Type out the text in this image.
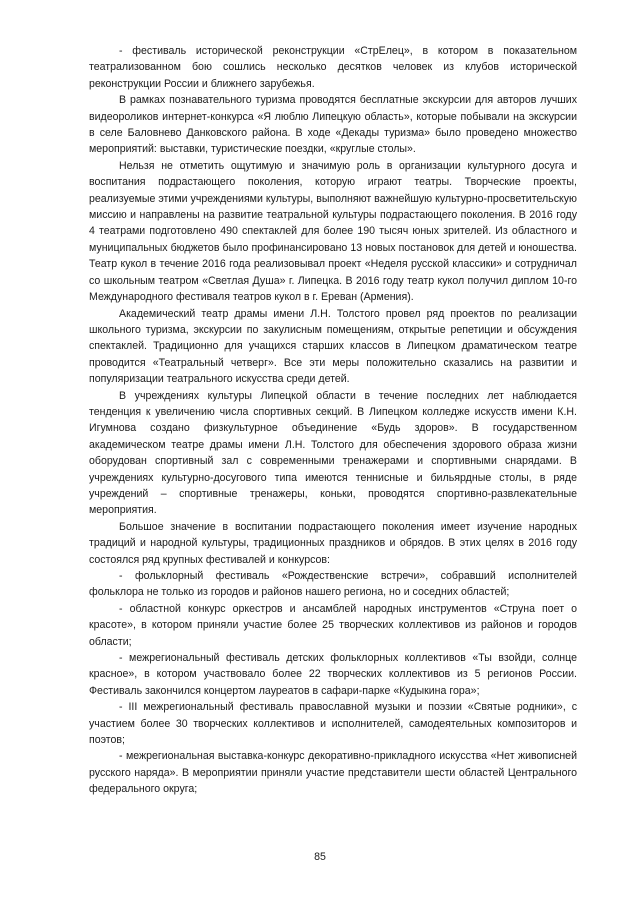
- фестиваль исторической реконструкции «СтрЕлец», в котором в показательном театрализованном бою сошлись несколько десятков человек из клубов исторической реконструкции России и ближнего зарубежья.

В рамках познавательного туризма проводятся бесплатные экскурсии для авторов лучших видеороликов интернет-конкурса «Я люблю Липецкую область», которые побывали на экскурсии в селе Баловнево Данковского района. В ходе «Декады туризма» было проведено множество мероприятий: выставки, туристические поездки, «круглые столы».

Нельзя не отметить ощутимую и значимую роль в организации культурного досуга и воспитания подрастающего поколения, которую играют театры. Творческие проекты, реализуемые этими учреждениями культуры, выполняют важнейшую культурно-просветительскую миссию и направлены на развитие театральной культуры подрастающего поколения. В 2016 году 4 театрами подготовлено 490 спектаклей для более 190 тысяч юных зрителей. Из областного и муниципальных бюджетов было профинансировано 13 новых постановок для детей и юношества. Театр кукол в течение 2016 года реализовывал проект «Неделя русской классики» и сотрудничал со школьным театром «Светлая Душа» г. Липецка. В 2016 году театр кукол получил диплом 10-го Международного фестиваля театров кукол в г. Ереван (Армения).

Академический театр драмы имени Л.Н. Толстого провел ряд проектов по реализации школьного туризма, экскурсии по закулисным помещениям, открытые репетиции и обсуждения спектаклей. Традиционно для учащихся старших классов в Липецком драматическом театре проводится «Театральный четверг». Все эти меры положительно сказались на развитии и популяризации театрального искусства среди детей.

В учреждениях культуры Липецкой области в течение последних лет наблюдается тенденция к увеличению числа спортивных секций. В Липецком колледже искусств имени К.Н. Игумнова создано физкультурное объединение «Будь здоров». В государственном академическом театре драмы имени Л.Н. Толстого для обеспечения здорового образа жизни оборудован спортивный зал с современными тренажерами и спортивными снарядами. В учреждениях культурно-досугового типа имеются теннисные и бильярдные столы, в ряде учреждений – спортивные тренажеры, коньки, проводятся спортивно-развлекательные мероприятия.

Большое значение в воспитании подрастающего поколения имеет изучение народных традиций и народной культуры, традиционных праздников и обрядов. В этих целях в 2016 году состоялся ряд крупных фестивалей и конкурсов:

- фольклорный фестиваль «Рождественские встречи», собравший исполнителей фольклора не только из городов и районов нашего региона, но и соседних областей;

- областной конкурс оркестров и ансамблей народных инструментов «Струна поет о красоте», в котором приняли участие более 25 творческих коллективов из районов и городов области;

- межрегиональный фестиваль детских фольклорных коллективов «Ты взойди, солнце красное», в котором участвовало более 22 творческих коллективов из 5 регионов России. Фестиваль закончился концертом лауреатов в сафари-парке «Кудыкина гора»;

- III межрегиональный фестиваль православной музыки и поэзии «Святые родники», с участием более 30 творческих коллективов и исполнителей, самодеятельных композиторов и поэтов;

- межрегиональная выставка-конкурс декоративно-прикладного искусства «Нет живописней русского наряда». В мероприятии приняли участие представители шести областей Центрального федерального округа;

85
